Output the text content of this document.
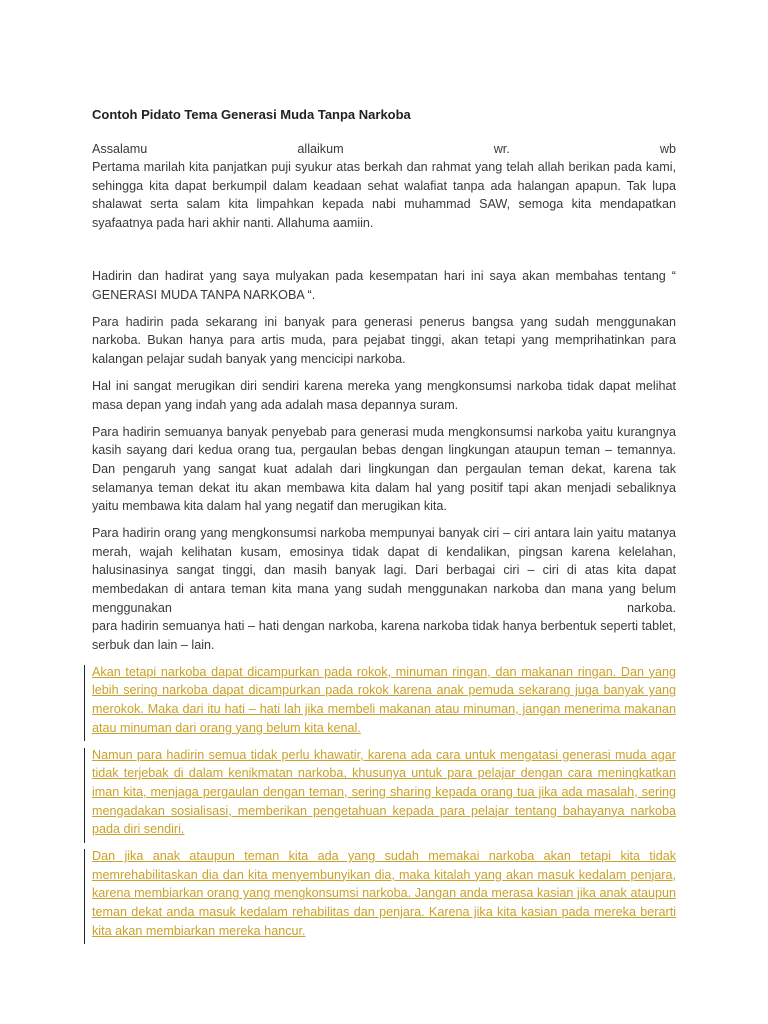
Contoh Pidato Tema Generasi Muda Tanpa Narkoba
Assalamu allaikum wr. wb

Pertama marilah kita panjatkan puji syukur atas berkah dan rahmat yang telah allah berikan pada kami, sehingga kita dapat berkumpil dalam keadaan sehat walafiat tanpa ada halangan apapun. Tak lupa shalawat serta salam kita limpahkan kepada nabi muhammad SAW, semoga kita mendapatkan syafaatnya pada hari akhir nanti. Allahuma aamiin.

Hadirin dan hadirat yang saya mulyakan pada kesempatan hari ini saya akan membahas tentang “ GENERASI MUDA TANPA NARKOBA “.

Para hadirin pada sekarang ini banyak para generasi penerus bangsa yang sudah menggunakan narkoba. Bukan hanya para artis muda, para pejabat tinggi, akan tetapi yang memprihatinkan para kalangan pelajar sudah banyak yang mencicipi narkoba.

Hal ini sangat merugikan diri sendiri karena mereka yang mengkonsumsi narkoba tidak dapat melihat masa depan yang indah yang ada adalah masa depannya suram.

Para hadirin semuanya banyak penyebab para generasi muda mengkonsumsi narkoba yaitu kurangnya kasih sayang dari kedua orang tua, pergaulan bebas dengan lingkungan ataupun teman – temannya. Dan pengaruh yang sangat kuat adalah dari lingkungan dan pergaulan teman dekat, karena tak selamanya teman dekat itu akan membawa kita dalam hal yang positif tapi akan menjadi sebaliknya yaitu membawa kita dalam hal yang negatif dan merugikan kita.

Para hadirin orang yang mengkonsumsi narkoba mempunyai banyak ciri – ciri antara lain yaitu matanya merah, wajah kelihatan kusam, emosinya tidak dapat di kendalikan, pingsan karena kelelahan, halusinasinya sangat tinggi, dan masih banyak lagi. Dari berbagai ciri – ciri di atas kita dapat membedakan di antara teman kita mana yang sudah menggunakan narkoba dan mana yang belum menggunakan narkoba.

para hadirin semuanya hati – hati dengan narkoba, karena narkoba tidak hanya berbentuk seperti tablet, serbuk dan lain – lain.

Akan tetapi narkoba dapat dicampurkan pada rokok, minuman ringan, dan makanan ringan. Dan yang lebih sering narkoba dapat dicampurkan pada rokok karena anak pemuda sekarang juga banyak yang merokok. Maka dari itu hati – hati lah jika membeli makanan atau minuman, jangan menerima makanan atau minuman dari orang yang belum kita kenal.

Namun para hadirin semua tidak perlu khawatir, karena ada cara untuk mengatasi generasi muda agar tidak terjebak di dalam kenikmatan narkoba, khusunya untuk para pelajar dengan cara meningkatkan iman kita, menjaga pergaulan dengan teman, sering sharing kepada orang tua jika ada masalah, sering mengadakan sosialisasi, memberikan pengetahuan kepada para pelajar tentang bahayanya narkoba pada diri sendiri.

Dan jika anak ataupun teman kita ada yang sudah memakai narkoba akan tetapi kita tidak memrehabilitaskan dia dan kita menyembunyikan dia, maka kitalah yang akan masuk kedalam penjara, karena membiarkan orang yang mengkonsumsi narkoba. Jangan anda merasa kasian jika anak ataupun teman dekat anda masuk kedalam rehabilitas dan penjara. Karena jika kita kasian pada mereka berarti kita akan membiarkan mereka hancur.
